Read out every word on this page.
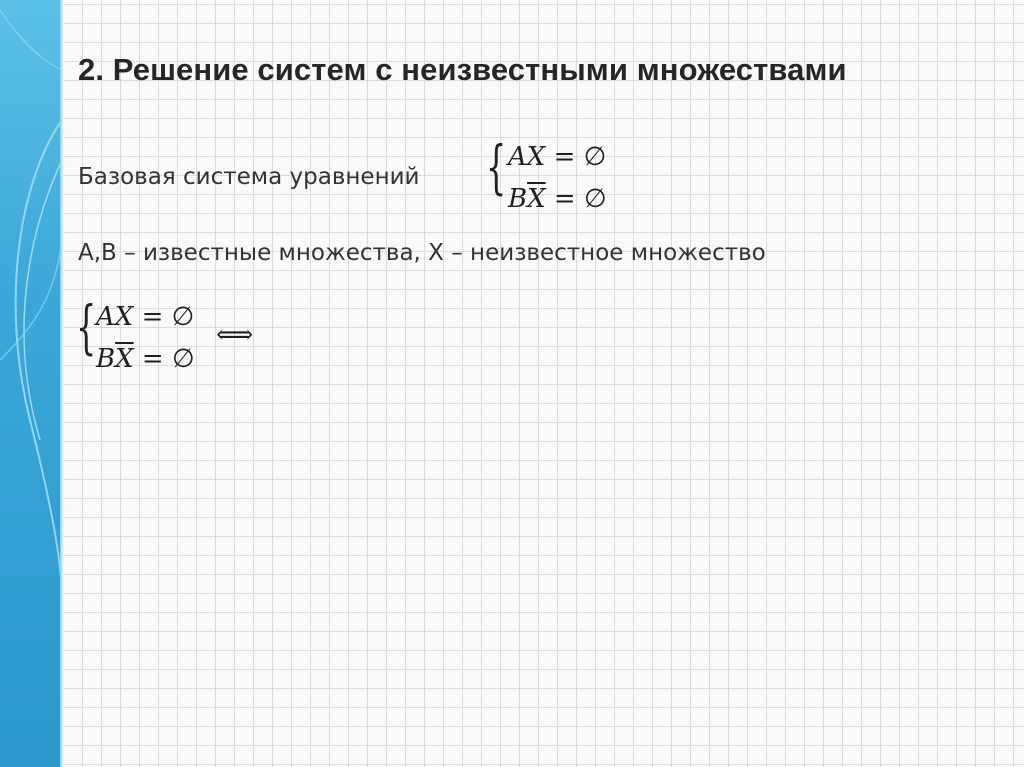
2. Решение систем с неизвестными множествами
Базовая система уравнений { AX = ∅
$B\overline{X}$ = ∅
A,B – известные множества, X – неизвестное множество
{ AX = ∅
$B\overline{X}$ = ∅
⟺
